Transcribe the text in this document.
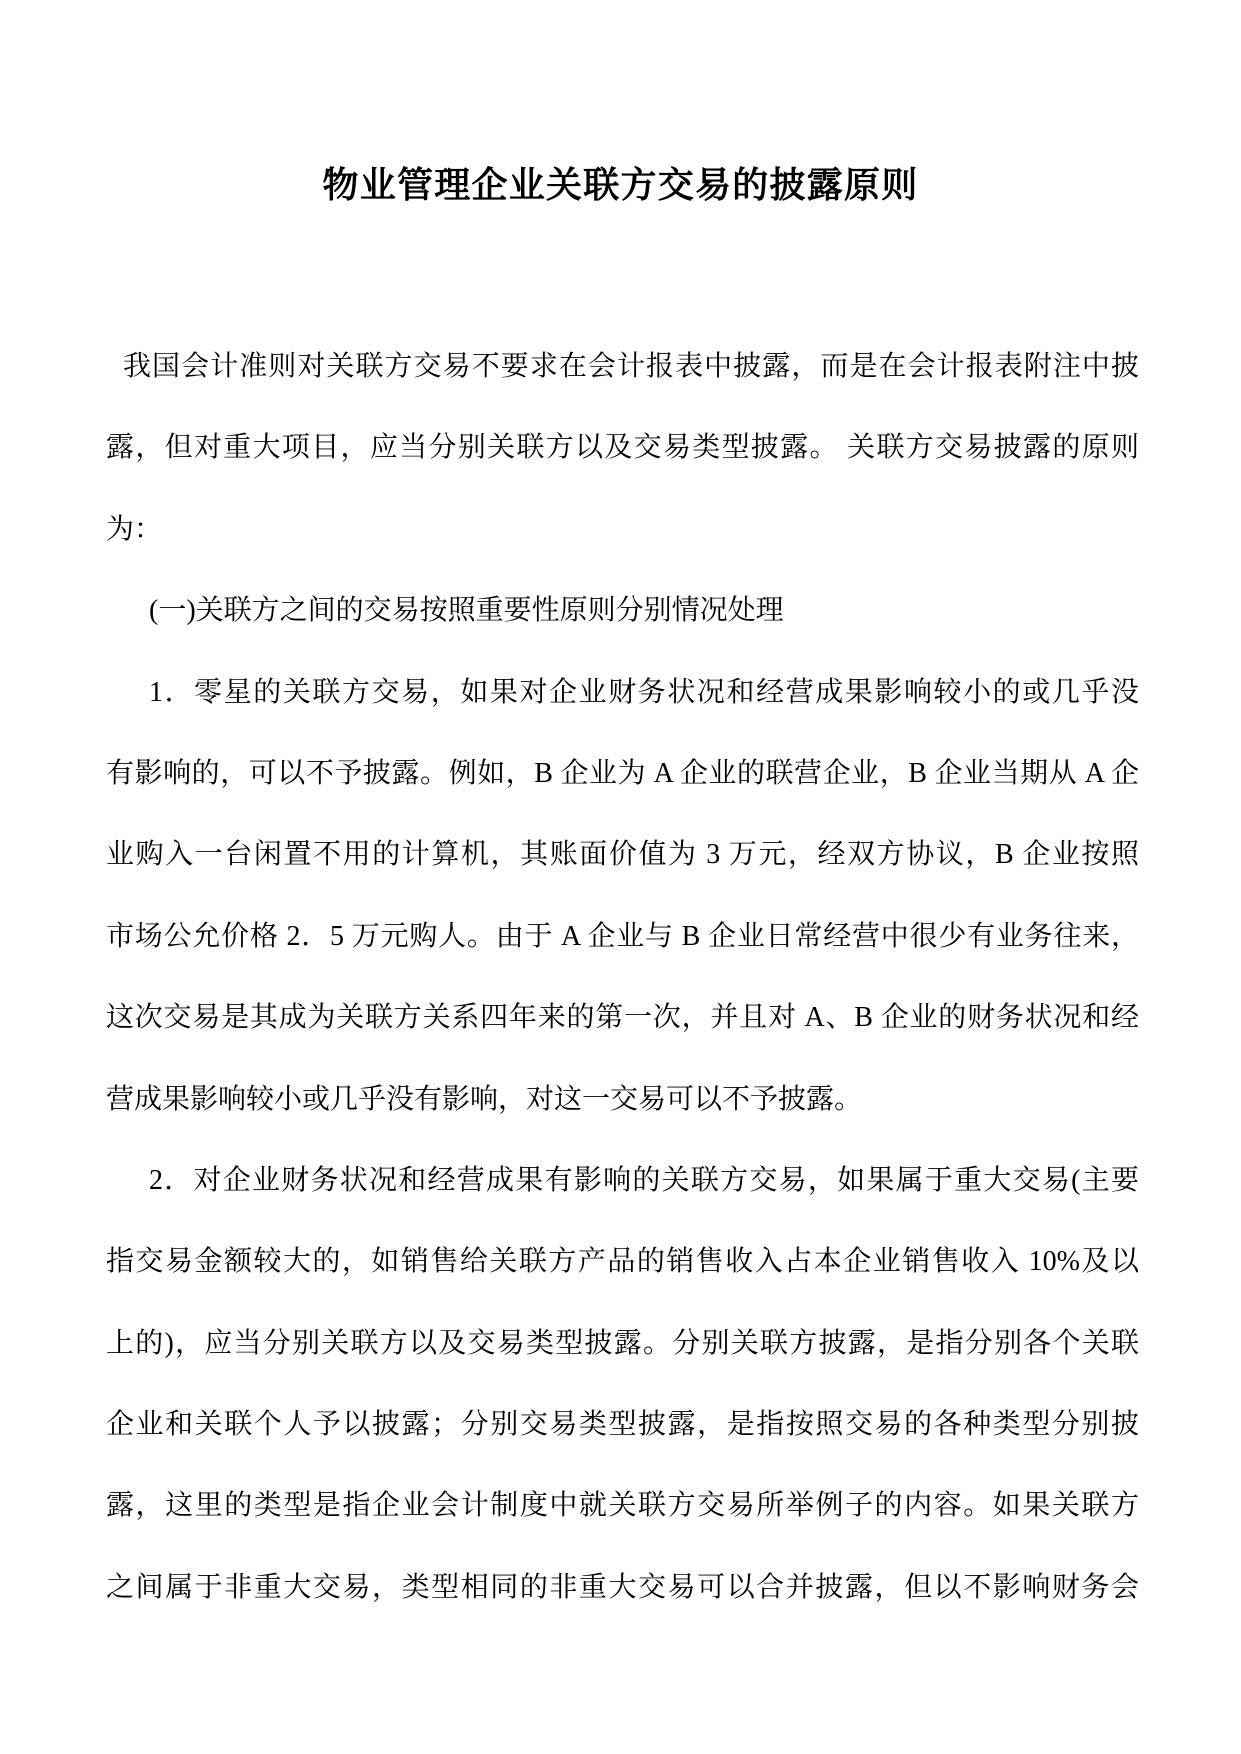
物业管理企业关联方交易的披露原则
我国会计准则对关联方交易不要求在会计报表中披露，而是在会计报表附注中披
露，但对重大项目，应当分别关联方以及交易类型披露。 关联方交易披露的原则
为：
(一)关联方之间的交易按照重要性原则分别情况处理
1．零星的关联方交易，如果对企业财务状况和经营成果影响较小的或几乎没
有影响的，可以不予披露。例如，B 企业为 A 企业的联营企业，B 企业当期从 A 企
业购入一台闲置不用的计算机，其账面价值为 3 万元，经双方协议，B 企业按照
市场公允价格 2．5 万元购人。由于 A 企业与 B 企业日常经营中很少有业务往来，
这次交易是其成为关联方关系四年来的第一次，并且对 A、B 企业的财务状况和经
营成果影响较小或几乎没有影响，对这一交易可以不予披露。
2．对企业财务状况和经营成果有影响的关联方交易，如果属于重大交易(主要
指交易金额较大的，如销售给关联方产品的销售收入占本企业销售收入 10%及以
上的)，应当分别关联方以及交易类型披露。分别关联方披露，是指分别各个关联
企业和关联个人予以披露；分别交易类型披露，是指按照交易的各种类型分别披
露，这里的类型是指企业会计制度中就关联方交易所举例子的内容。如果关联方
之间属于非重大交易，类型相同的非重大交易可以合并披露，但以不影响财务会
